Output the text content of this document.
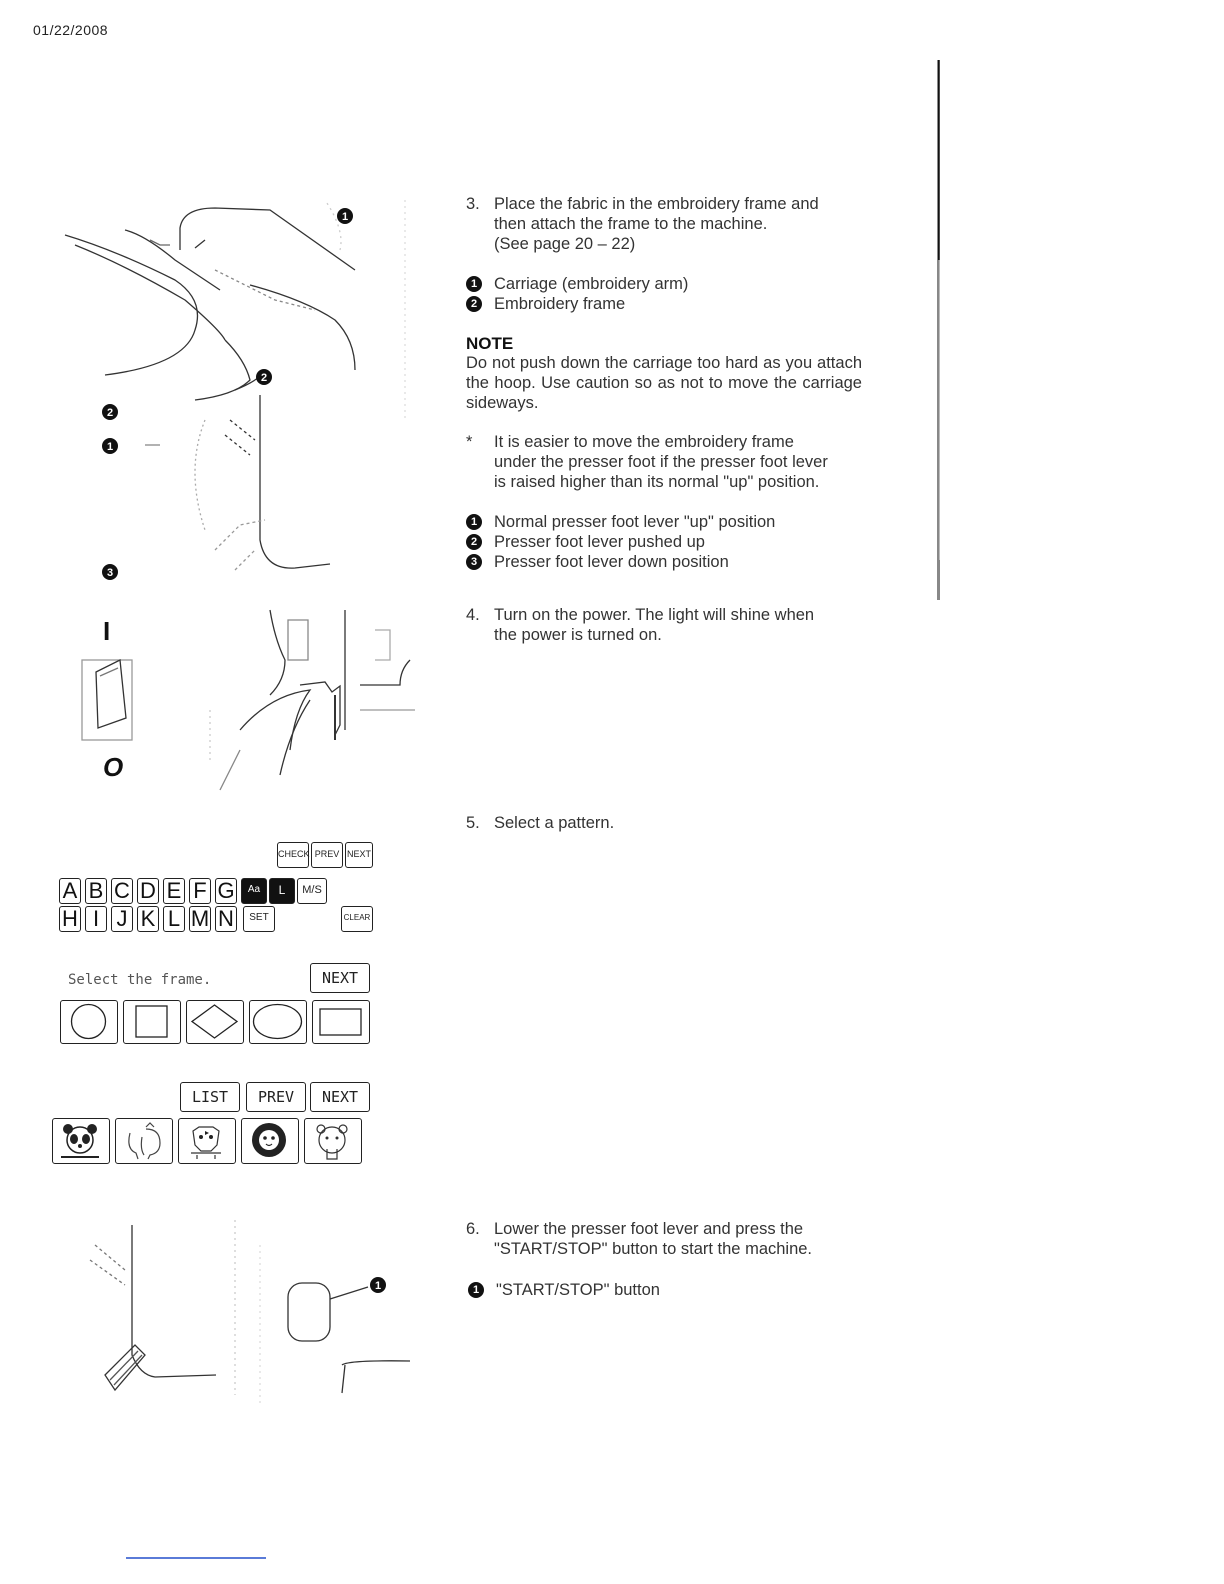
01/22/2008
1
2
2
1
3
I
O
CHECK PREV NEXT
A B C D E F G	Aa	L	M/S
H I J K L M N	SET	CLEAR
Select the frame.	NEXT
LIST	PREV	NEXT
1
3. Place the fabric in the embroidery frame and
then attach the frame to the machine.
(See page 20 – 22)
1 Carriage (embroidery arm)
2 Embroidery frame
NOTE
Do not push down the carriage too hard as you attach the hoop. Use caution so as not to move the carriage sideways.
* It is easier to move the embroidery frame
under the presser foot if the presser foot lever
is raised higher than its normal "up" position.
1 Normal presser foot lever "up" position
2 Presser foot lever pushed up
3 Presser foot lever down position
4. Turn on the power. The light will shine when
the power is turned on.
5. Select a pattern.
6. Lower the presser foot lever and press the
"START/STOP" button to start the machine.
1 "START/STOP" button
